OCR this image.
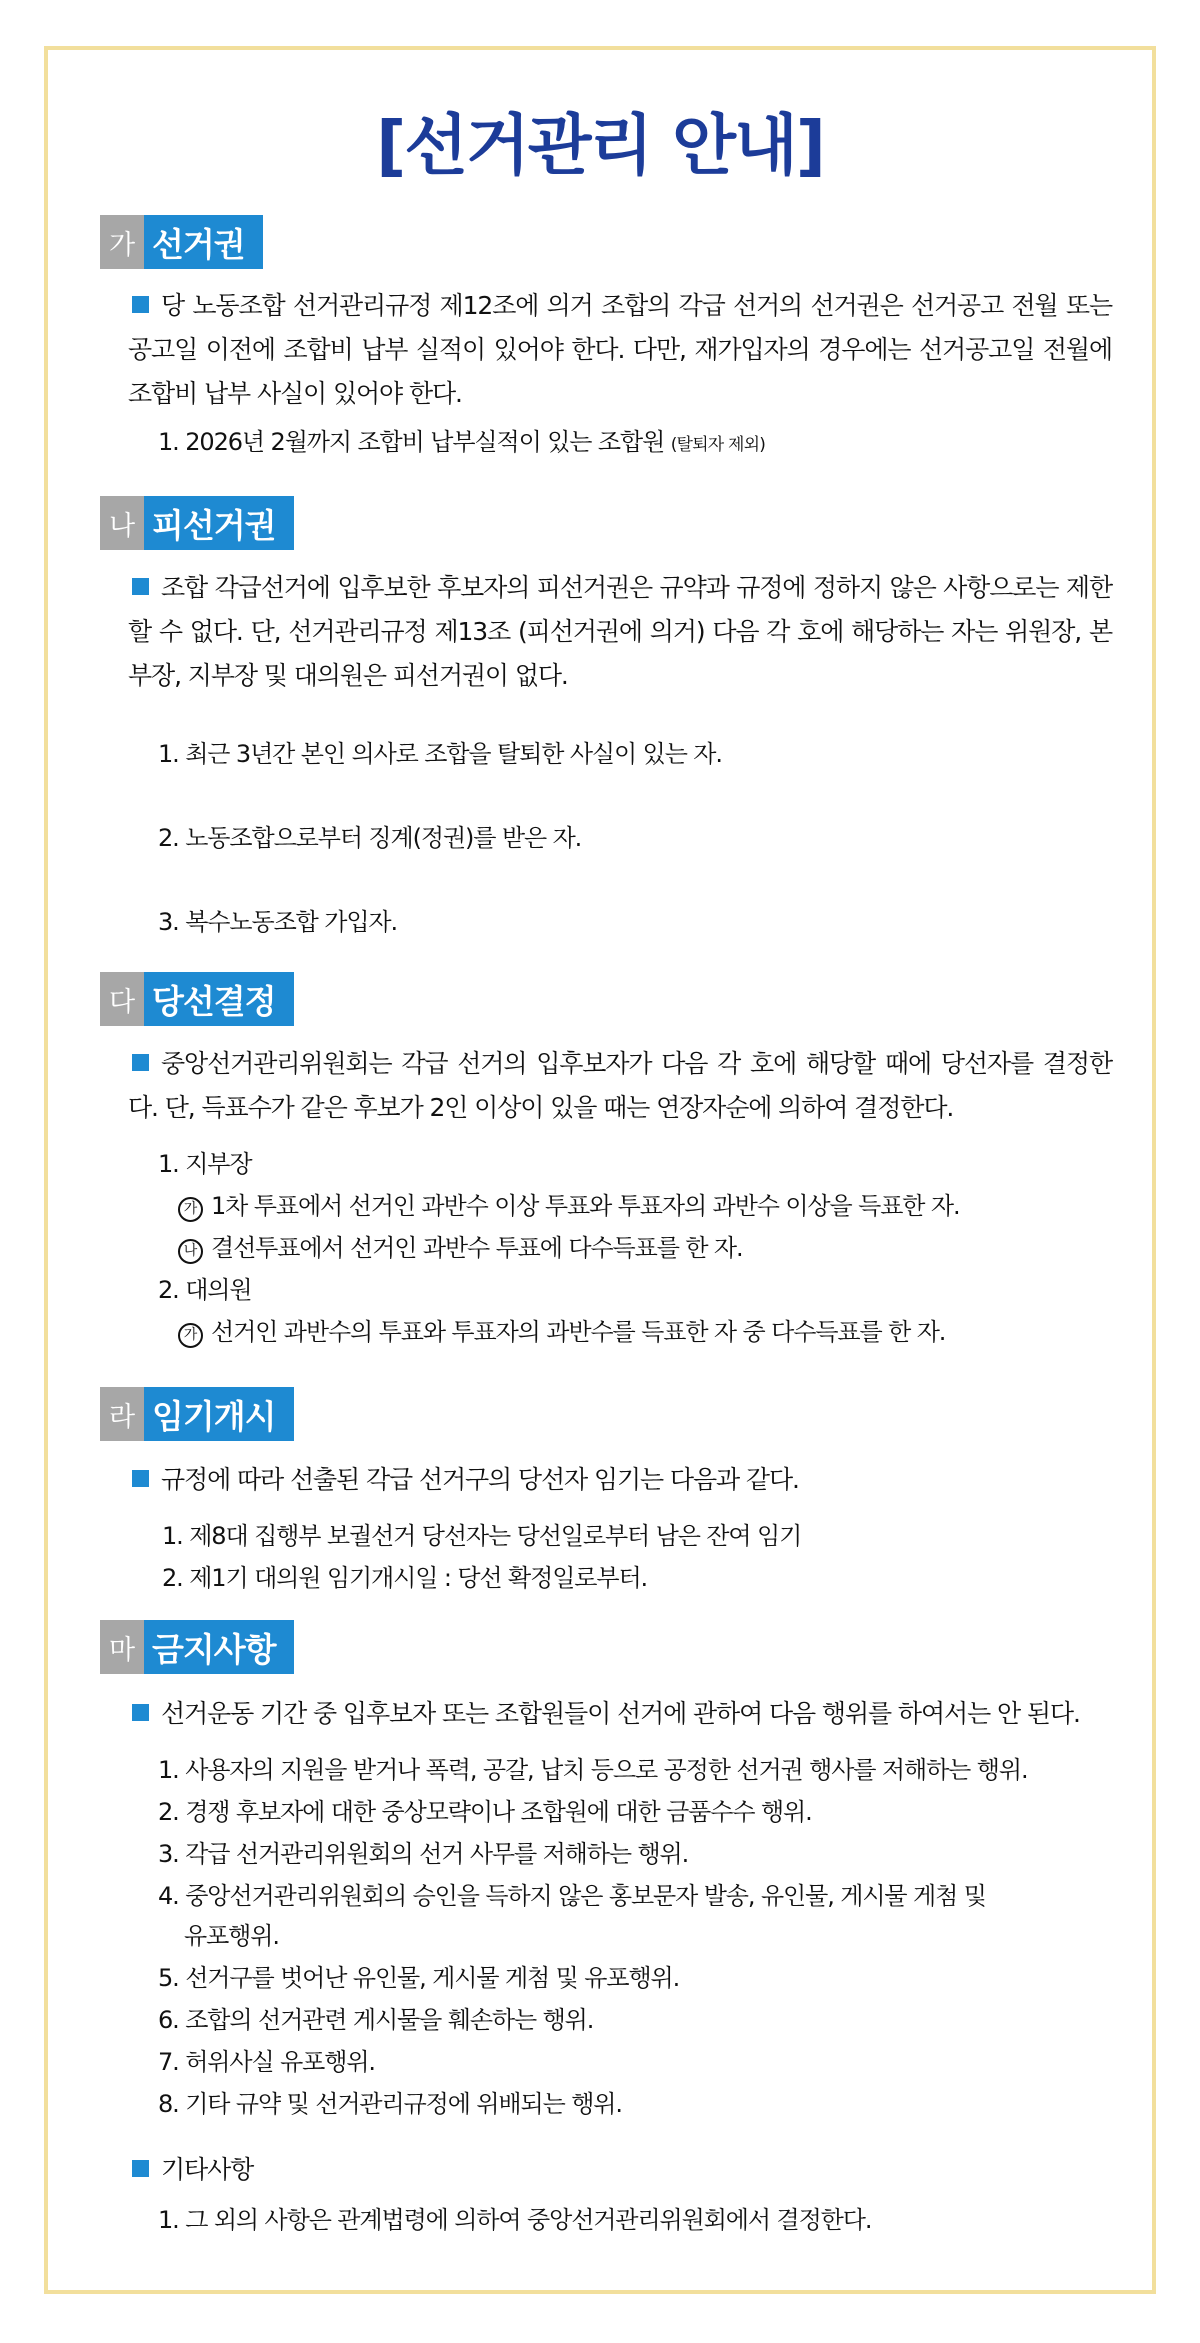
[선거관리 안내]
가 선거권
당 노동조합 선거관리규정 제12조에 의거 조합의 각급 선거의 선거권은 선거공고 전월 또는 공고일 이전에 조합비 납부 실적이 있어야 한다. 다만, 재가입자의 경우에는 선거공고일 전월에 조합비 납부 사실이 있어야 한다.
1. 2026년 2월까지 조합비 납부실적이 있는 조합원 (탈퇴자 제외)
나 피선거권
조합 각급선거에 입후보한 후보자의 피선거권은 규약과 규정에 정하지 않은 사항으로는 제한할 수 없다. 단, 선거관리규정 제13조 (피선거권에 의거) 다음 각 호에 해당하는 자는 위원장, 본부장, 지부장 및 대의원은 피선거권이 없다.
1. 최근 3년간 본인 의사로 조합을 탈퇴한 사실이 있는 자.
2. 노동조합으로부터 징계(정권)를 받은 자.
3. 복수노동조합 가입자.
다 당선결정
중앙선거관리위원회는 각급 선거의 입후보자가 다음 각 호에 해당할 때에 당선자를 결정한다. 단, 득표수가 같은 후보가 2인 이상이 있을 때는 연장자순에 의하여 결정한다.
1. 지부장
가 1차 투표에서 선거인 과반수 이상 투표와 투표자의 과반수 이상을 득표한 자.
나 결선투표에서 선거인 과반수 투표에 다수득표를 한 자.
2. 대의원
가 선거인 과반수의 투표와 투표자의 과반수를 득표한 자 중 다수득표를 한 자.
라 임기개시
규정에 따라 선출된 각급 선거구의 당선자 임기는 다음과 같다.
1. 제8대 집행부 보궐선거 당선자는 당선일로부터 남은 잔여 임기
2. 제1기 대의원 임기개시일 : 당선 확정일로부터.
마 금지사항
선거운동 기간 중 입후보자 또는 조합원들이 선거에 관하여 다음 행위를 하여서는 안 된다.
1. 사용자의 지원을 받거나 폭력, 공갈, 납치 등으로 공정한 선거권 행사를 저해하는 행위.
2. 경쟁 후보자에 대한 중상모략이나 조합원에 대한 금품수수 행위.
3. 각급 선거관리위원회의 선거 사무를 저해하는 행위.
4. 중앙선거관리위원회의 승인을 득하지 않은 홍보문자 발송, 유인물, 게시물 게첨 및
유포행위.
5. 선거구를 벗어난 유인물, 게시물 게첨 및 유포행위.
6. 조합의 선거관련 게시물을 훼손하는 행위.
7. 허위사실 유포행위.
8. 기타 규약 및 선거관리규정에 위배되는 행위.
기타사항
1. 그 외의 사항은 관계법령에 의하여 중앙선거관리위원회에서 결정한다.
